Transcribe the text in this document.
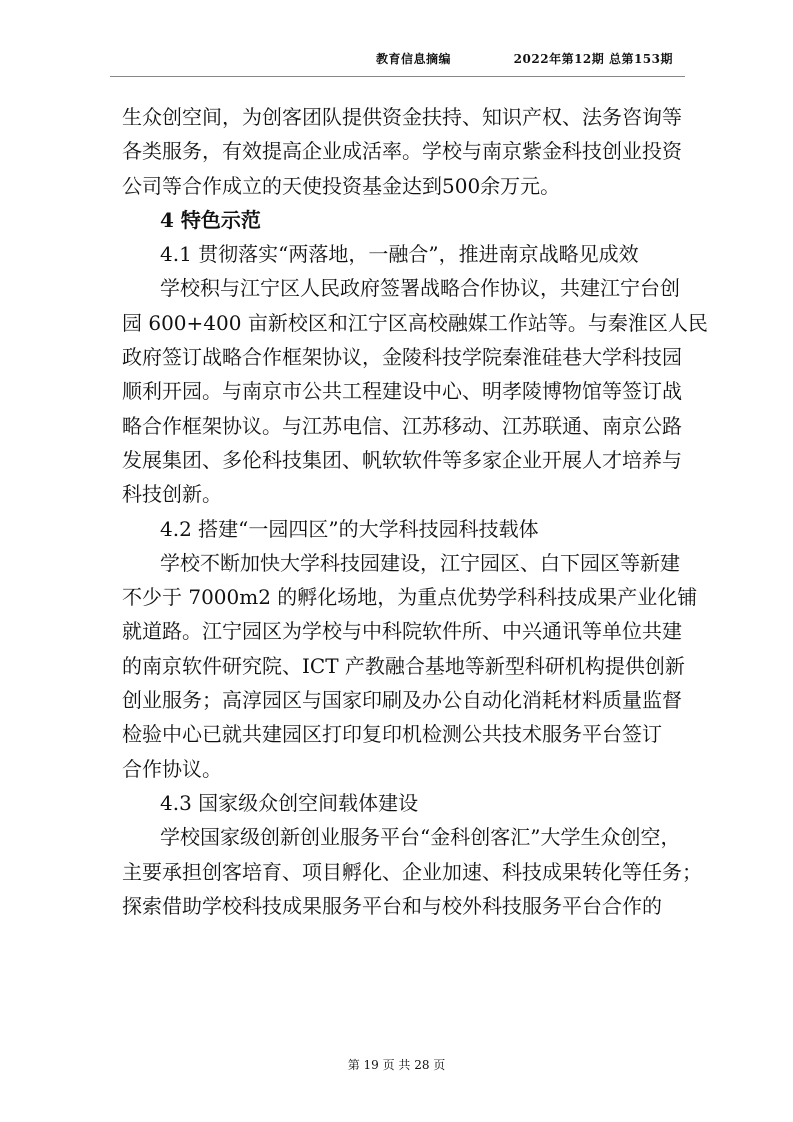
教育信息摘编	2022年第12期 总第153期
生众创空间，为创客团队提供资金扶持、知识产权、法务咨询等
各类服务，有效提高企业成活率。学校与南京紫金科技创业投资
公司等合作成立的天使投资基金达到500余万元。
4 特色示范
4.1 贯彻落实“两落地，一融合”，推进南京战略见成效
学校积与江宁区人民政府签署战略合作协议，共建江宁台创
园 600+400 亩新校区和江宁区高校融媒工作站等。与秦淮区人民
政府签订战略合作框架协议，金陵科技学院秦淮硅巷大学科技园
顺利开园。与南京市公共工程建设中心、明孝陵博物馆等签订战
略合作框架协议。与江苏电信、江苏移动、江苏联通、南京公路
发展集团、多伦科技集团、帆软软件等多家企业开展人才培养与
科技创新。
4.2 搭建“一园四区”的大学科技园科技载体
学校不断加快大学科技园建设，江宁园区、白下园区等新建
不少于 7000m2 的孵化场地，为重点优势学科科技成果产业化铺
就道路。江宁园区为学校与中科院软件所、中兴通讯等单位共建
的南京软件研究院、ICT 产教融合基地等新型科研机构提供创新
创业服务；高淳园区与国家印刷及办公自动化消耗材料质量监督
检验中心已就共建园区打印复印机检测公共技术服务平台签订
合作协议。
4.3 国家级众创空间载体建设
学校国家级创新创业服务平台“金科创客汇”大学生众创空，
主要承担创客培育、项目孵化、企业加速、科技成果转化等任务；
探索借助学校科技成果服务平台和与校外科技服务平台合作的
第 19 页 共 28 页
